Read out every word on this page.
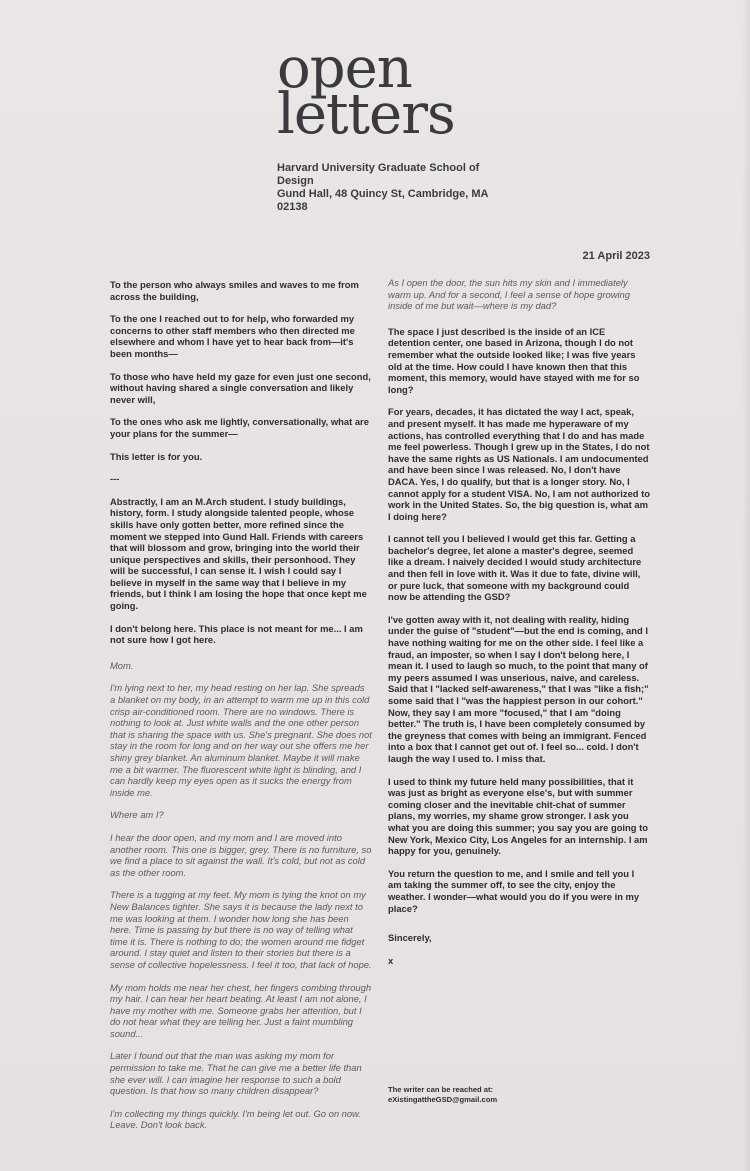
open
letters
Harvard University Graduate School of Design
Gund Hall, 48 Quincy St, Cambridge, MA 02138
21 April 2023

To the person who always smiles and waves to me from across the building,

To the one I reached out to for help, who forwarded my concerns to other staff members who then directed me elsewhere and whom I have yet to hear back from—it's been months—

To those who have held my gaze for even just one second, without having shared a single conversation and likely never will,

To the ones who ask me lightly, conversationally, what are your plans for the summer—

This letter is for you.

---

Abstractly, I am an M.Arch student. I study buildings, history, form. I study alongside talented people, whose skills have only gotten better, more refined since the moment we stepped into Gund Hall. Friends with careers that will blossom and grow, bringing into the world their unique perspectives and skills, their personhood. They will be successful, I can sense it. I wish I could say I believe in myself in the same way that I believe in my friends, but I think I am losing the hope that once kept me going.

I don't belong here. This place is not meant for me... I am not sure how I got here.

Mom.

I'm lying next to her, my head resting on her lap. She spreads a blanket on my body, in an attempt to warm me up in this cold crisp air-conditioned room. There are no windows. There is nothing to look at. Just white walls and the one other person that is sharing the space with us. She's pregnant. She does not stay in the room for long and on her way out she offers me her shiny grey blanket. An aluminum blanket. Maybe it will make me a bit warmer. The fluorescent white light is blinding, and I can hardly keep my eyes open as it sucks the energy from inside me.

Where am I?

I hear the door open, and my mom and I are moved into another room. This one is bigger, grey. There is no furniture, so we find a place to sit against the wall. It's cold, but not as cold as the other room.

There is a tugging at my feet. My mom is tying the knot on my New Balances tighter. She says it is because the lady next to me was looking at them. I wonder how long she has been here. Time is passing by but there is no way of telling what time it is. There is nothing to do; the women around me fidget around. I stay quiet and listen to their stories but there is a sense of collective hopelessness. I feel it too, that lack of hope.

My mom holds me near her chest, her fingers combing through my hair. I can hear her heart beating. At least I am not alone, I have my mother with me. Someone grabs her attention, but I do not hear what they are telling her. Just a faint mumbling sound...

Later I found out that the man was asking my mom for permission to take me. That he can give me a better life than she ever will. I can imagine her response to such a bold question. Is that how so many children disappear?

I'm collecting my things quickly. I'm being let out. Go on now. Leave. Don't look back.

As I open the door, the sun hits my skin and I immediately warm up. And for a second, I feel a sense of hope growing inside of me but wait—where is my dad?

The space I just described is the inside of an ICE detention center, one based in Arizona, though I do not remember what the outside looked like; I was five years old at the time. How could I have known then that this moment, this memory, would have stayed with me for so long?

For years, decades, it has dictated the way I act, speak, and present myself. It has made me hyperaware of my actions, has controlled everything that I do and has made me feel powerless. Though I grew up in the States, I do not have the same rights as US Nationals. I am undocumented and have been since I was released. No, I don't have DACA. Yes, I do qualify, but that is a longer story. No, I cannot apply for a student VISA. No, I am not authorized to work in the United States. So, the big question is, what am I doing here?

I cannot tell you I believed I would get this far. Getting a bachelor's degree, let alone a master's degree, seemed like a dream. I naively decided I would study architecture and then fell in love with it. Was it due to fate, divine will, or pure luck, that someone with my background could now be attending the GSD?

I've gotten away with it, not dealing with reality, hiding under the guise of "student"—but the end is coming, and I have nothing waiting for me on the other side. I feel like a fraud, an imposter, so when I say I don't belong here, I mean it. I used to laugh so much, to the point that many of my peers assumed I was unserious, naive, and careless. Said that I "lacked self-awareness," that I was "like a fish;" some said that I "was the happiest person in our cohort." Now, they say I am more "focused," that I am "doing better." The truth is, I have been completely consumed by the greyness that comes with being an immigrant. Fenced into a box that I cannot get out of. I feel so... cold. I don't laugh the way I used to. I miss that.

I used to think my future held many possibilities, that it was just as bright as everyone else's, but with summer coming closer and the inevitable chit-chat of summer plans, my worries, my shame grow stronger. I ask you what you are doing this summer; you say you are going to New York, Mexico City, Los Angeles for an internship. I am happy for you, genuinely.

You return the question to me, and I smile and tell you I am taking the summer off, to see the city, enjoy the weather. I wonder—what would you do if you were in my place?

Sincerely,

x

The writer can be reached at:
eXistingattheGSD@gmail.com
